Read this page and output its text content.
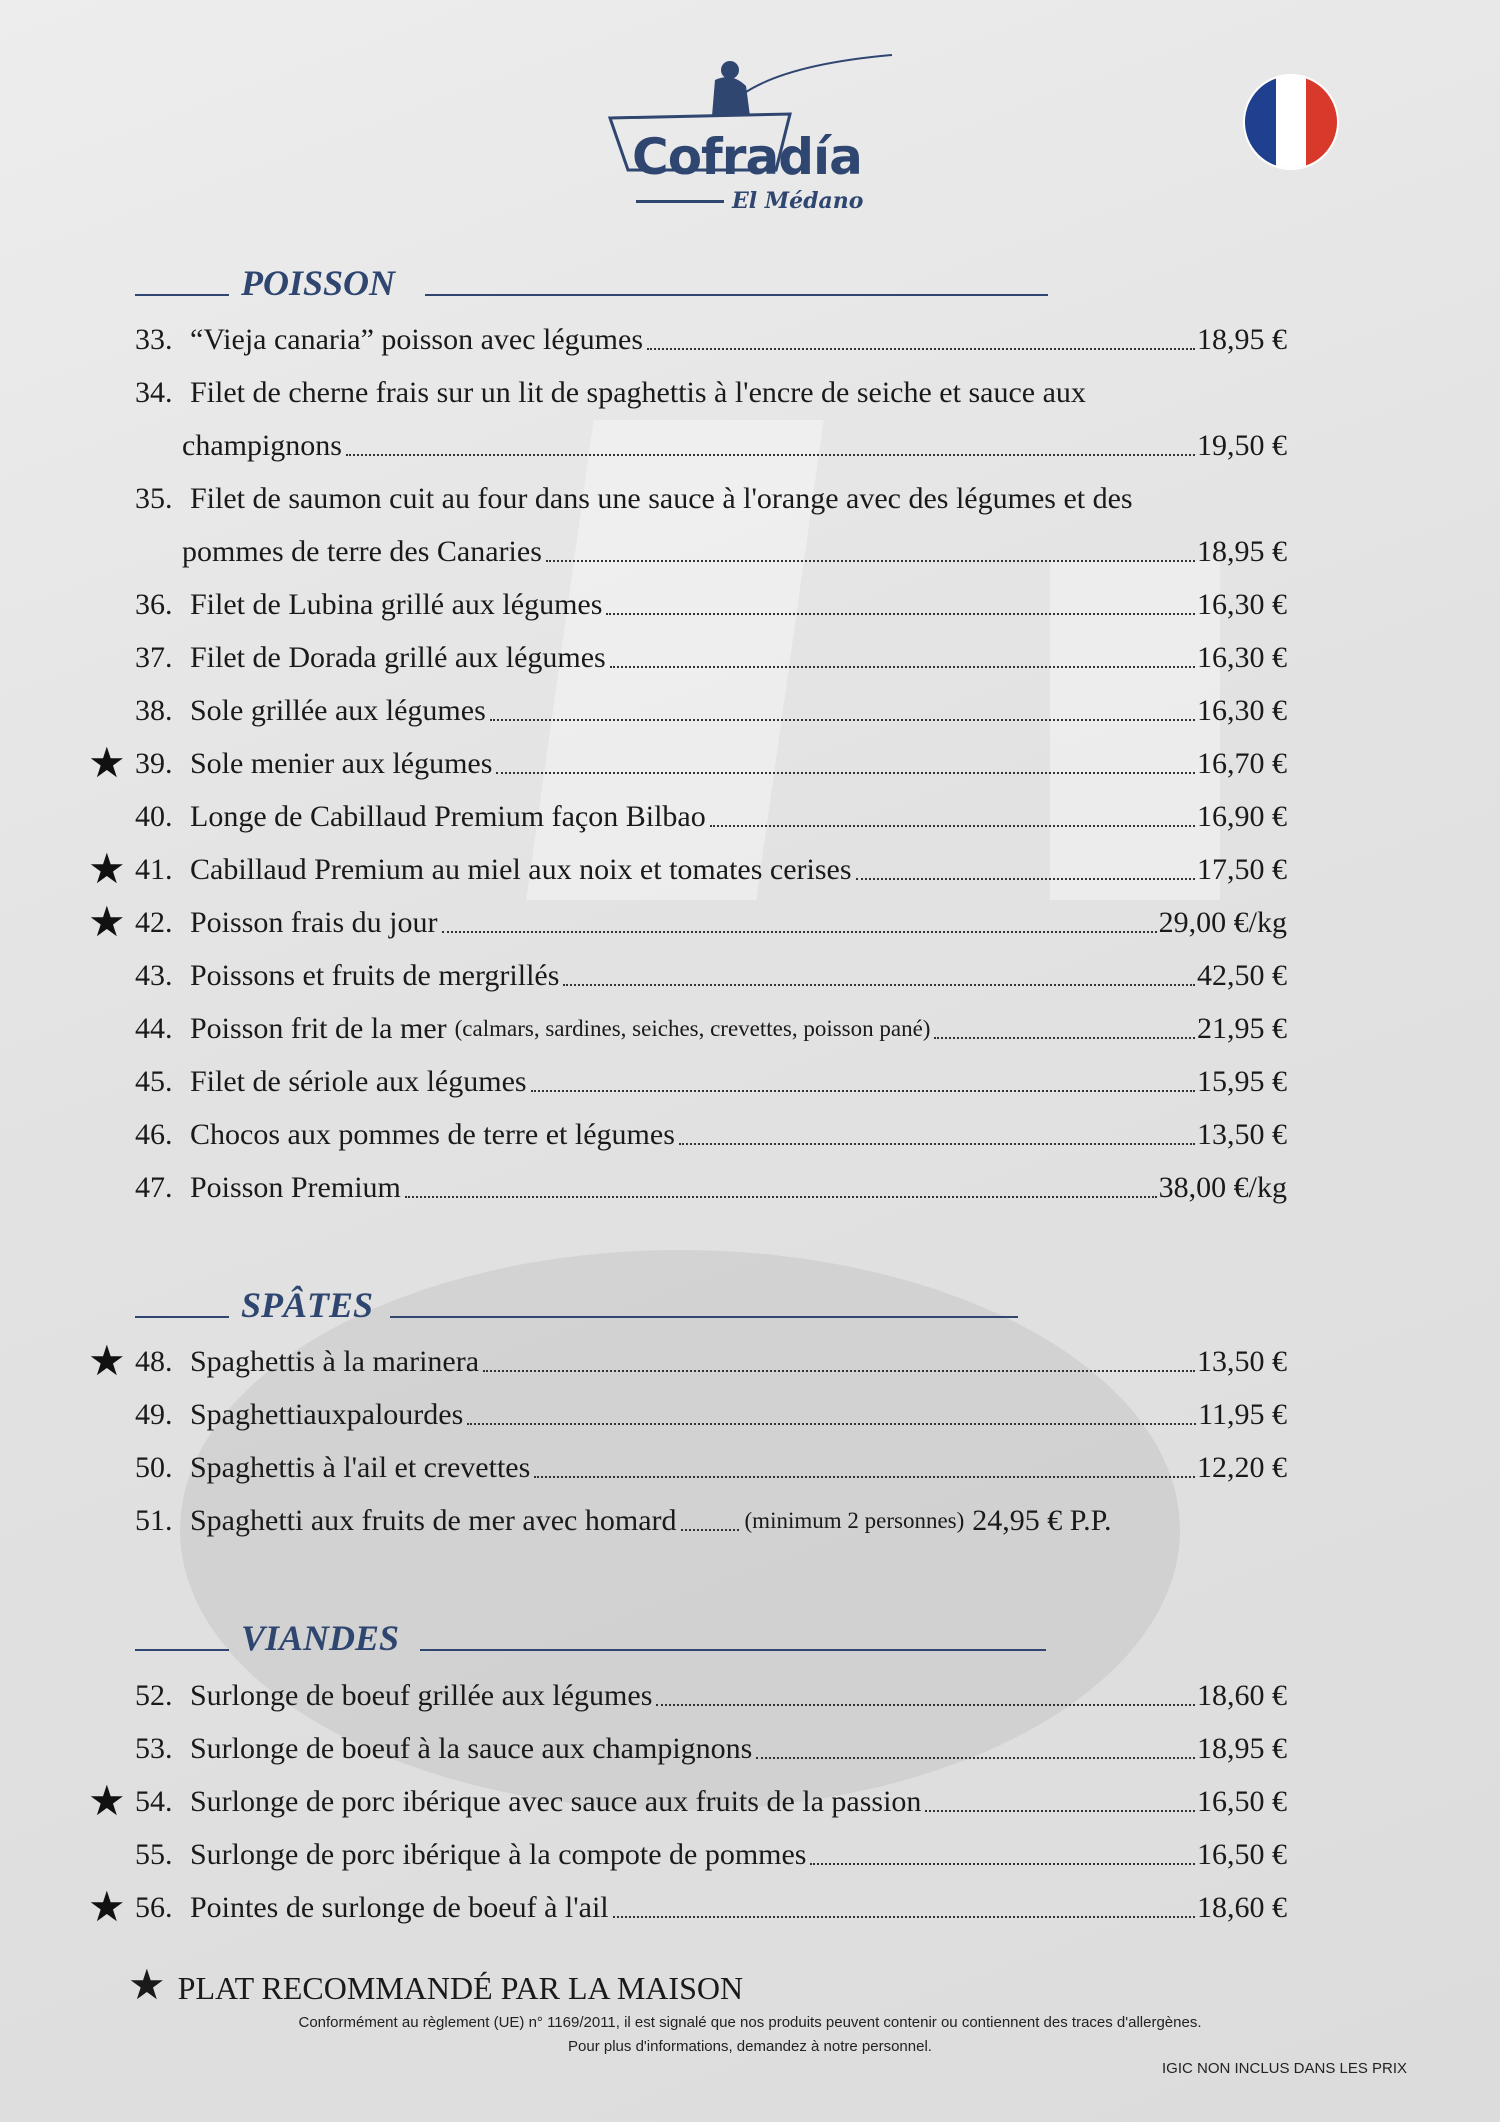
Cofradía
El Médano
POISSON
33. “Vieja canaria” poisson avec légumes	18,95 €
34. Filet de cherne frais sur un lit de spaghettis à l'encre de seiche et sauce aux
champignons	19,50 €
35. Filet de saumon cuit au four dans une sauce à l'orange avec des légumes et des
pommes de terre des Canaries	18,95 €
36. Filet de Lubina grillé aux légumes	16,30 €
37. Filet de Dorada grillé aux légumes	16,30 €
38. Sole grillée aux légumes	16,30 €
★ 39. Sole menier aux légumes	16,70 €
40. Longe de Cabillaud Premium façon Bilbao	16,90 €
★ 41. Cabillaud Premium au miel aux noix et tomates cerises	17,50 €
★ 42. Poisson frais du jour	29,00 €/kg
43. Poissons et fruits de mergrillés	42,50 €
44. Poisson frit de la mer (calmars, sardines, seiches, crevettes, poisson pané)	21,95 €
45. Filet de sériole aux légumes	15,95 €
46. Chocos aux pommes de terre et légumes	13,50 €
47. Poisson Premium	38,00 €/kg
SPÂTES
★ 48. Spaghettis à la marinera	13,50 €
49. Spaghettiauxpalourdes	11,95 €
50. Spaghettis à l'ail et crevettes	12,20 €
51. Spaghetti aux fruits de mer avec homard	(minimum 2 personnes) 24,95 € P.P.
VIANDES
52. Surlonge de boeuf grillée aux légumes	18,60 €
53. Surlonge de boeuf à la sauce aux champignons	18,95 €
★ 54. Surlonge de porc ibérique avec sauce aux fruits de la passion	16,50 €
55. Surlonge de porc ibérique à la compote de pommes	16,50 €
★ 56. Pointes de surlonge de boeuf à l'ail	18,60 €
★ PLAT RECOMMANDÉ PAR LA MAISON
Conformément au règlement (UE) n° 1169/2011, il est signalé que nos produits peuvent contenir ou contiennent des traces d'allergènes.
Pour plus d'informations, demandez à notre personnel.
IGIC NON INCLUS DANS LES PRIX
